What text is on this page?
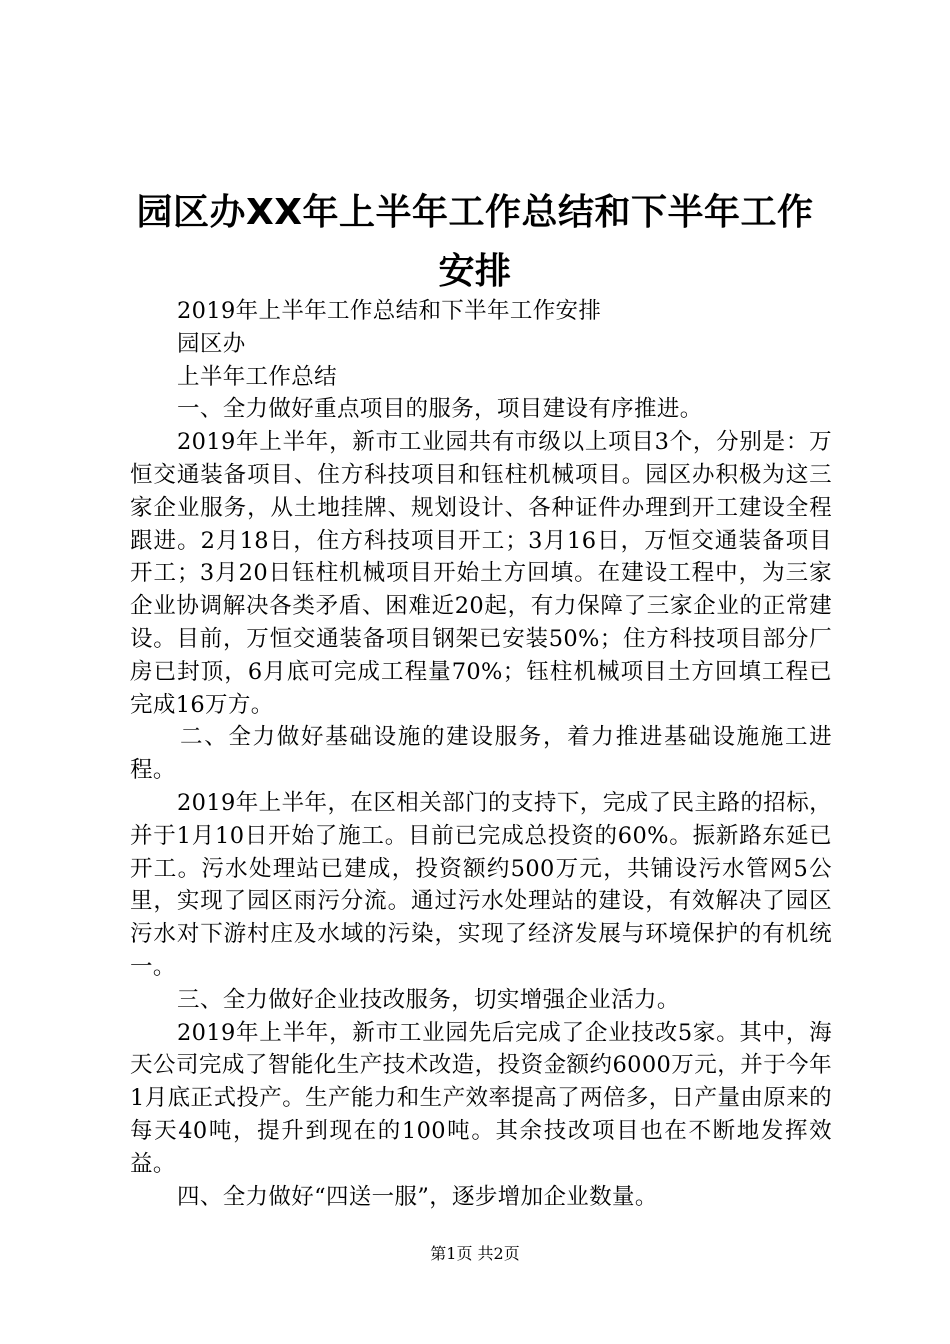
园区办XX年上半年工作总结和下半年工作安排

2019年上半年工作总结和下半年工作安排

园区办

上半年工作总结

一、全力做好重点项目的服务，项目建设有序推进。

2019年上半年，新市工业园共有市级以上项目3个，分别是：万恒交通装备项目、住方科技项目和钰柱机械项目。园区办积极为这三家企业服务，从土地挂牌、规划设计、各种证件办理到开工建设全程跟进。2月18日，住方科技项目开工；3月16日，万恒交通装备项目开工；3月20日钰柱机械项目开始土方回填。在建设工程中，为三家企业协调解决各类矛盾、困难近20起，有力保障了三家企业的正常建设。目前，万恒交通装备项目钢架已安装50%；住方科技项目部分厂房已封顶，6月底可完成工程量70%；钰柱机械项目土方回填工程已完成16万方。

二、全力做好基础设施的建设服务，着力推进基础设施施工进程。

2019年上半年，在区相关部门的支持下，完成了民主路的招标，并于1月10日开始了施工。目前已完成总投资的60%。振新路东延已开工。污水处理站已建成，投资额约500万元，共铺设污水管网5公里，实现了园区雨污分流。通过污水处理站的建设，有效解决了园区污水对下游村庄及水域的污染，实现了经济发展与环境保护的有机统一。

三、全力做好企业技改服务，切实增强企业活力。

2019年上半年，新市工业园先后完成了企业技改5家。其中，海天公司完成了智能化生产技术改造，投资金额约6000万元，并于今年1月底正式投产。生产能力和生产效率提高了两倍多，日产量由原来的每天40吨，提升到现在的100吨。其余技改项目也在不断地发挥效益。

四、全力做好“四送一服”，逐步增加企业数量。

第1页 共2页
